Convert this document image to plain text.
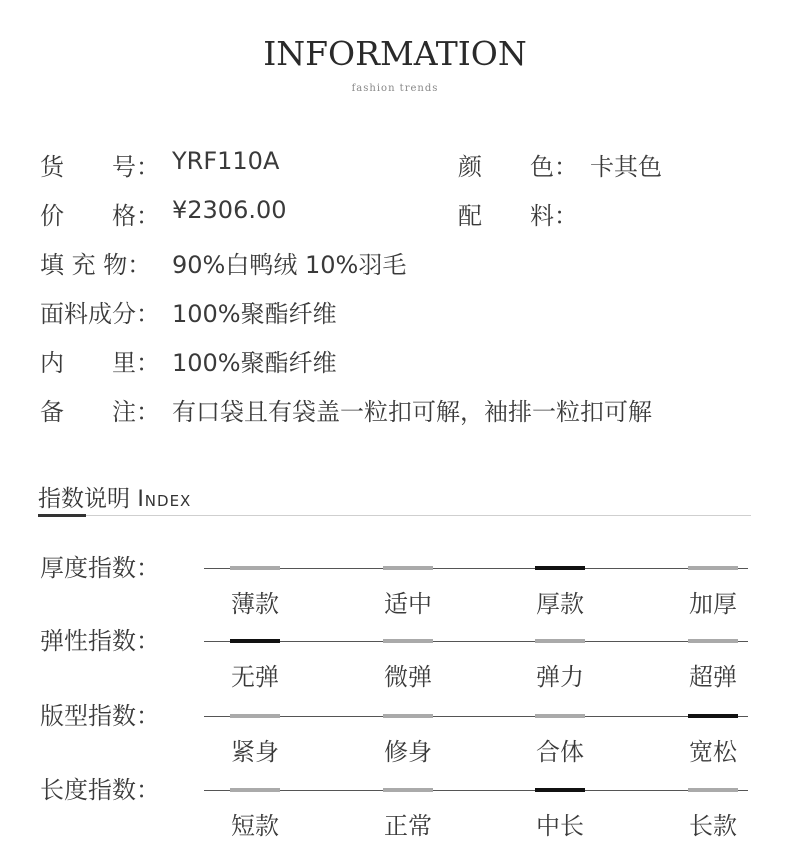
INFORMATION
fashion trends
货　　号： YRF110A	颜　　色： 卡其色
价　　格： ¥2306.00	配　　料：
填 充 物： 90%白鸭绒 10%羽毛
面料成分： 100%聚酯纤维
内　　里： 100%聚酯纤维
备　　注： 有口袋且有袋盖一粒扣可解，袖排一粒扣可解
指数说明 Index
厚度指数：
薄款	适中	厚款	加厚
弹性指数：
无弹	微弹	弹力	超弹
版型指数：
紧身	修身	合体	宽松
长度指数：
短款	正常	中长	长款
